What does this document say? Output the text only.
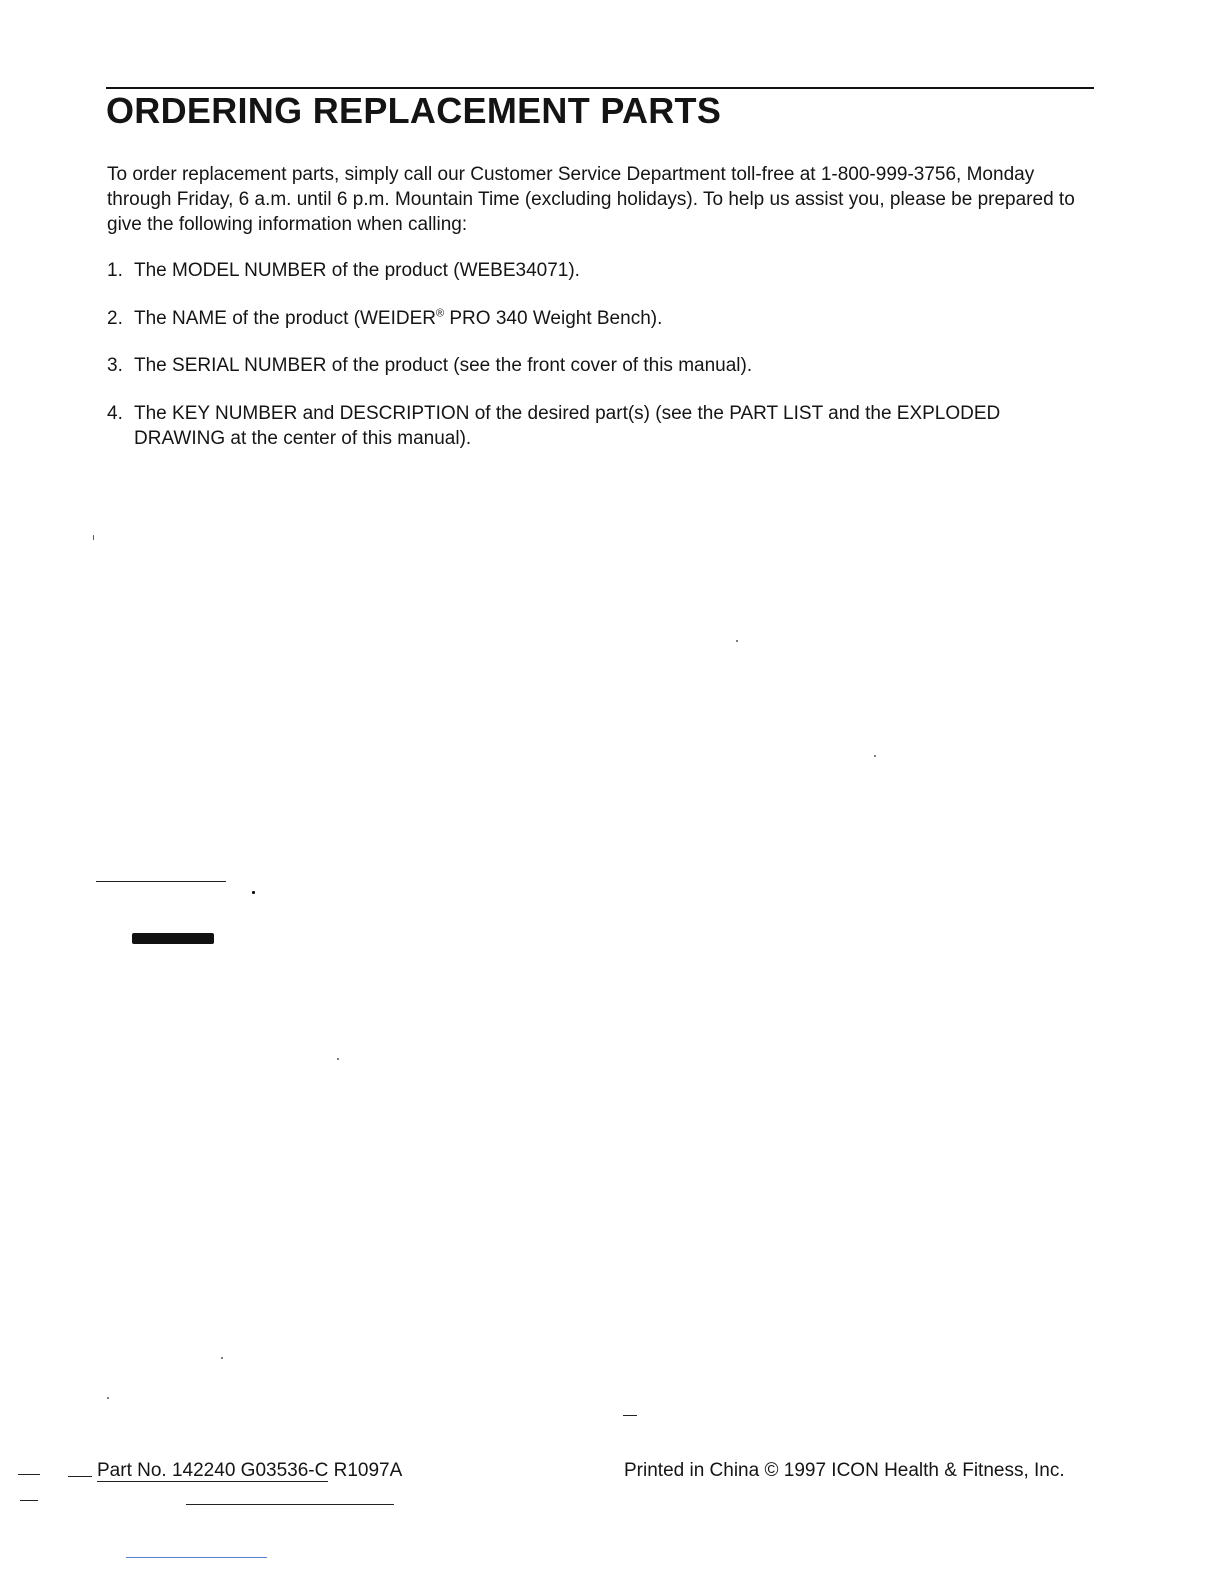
ORDERING REPLACEMENT PARTS

To order replacement parts, simply call our Customer Service Department toll-free at 1-800-999-3756, Monday through Friday, 6 a.m. until 6 p.m. Mountain Time (excluding holidays). To help us assist you, please be prepared to give the following information when calling:

1. The MODEL NUMBER of the product (WEBE34071).
2. The NAME of the product (WEIDER® PRO 340 Weight Bench).
3. The SERIAL NUMBER of the product (see the front cover of this manual).
4. The KEY NUMBER and DESCRIPTION of the desired part(s) (see the PART LIST and the EXPLODED DRAWING at the center of this manual).

Part No. 142240 G03536-C R1097A	Printed in China © 1997 ICON Health & Fitness, Inc.
